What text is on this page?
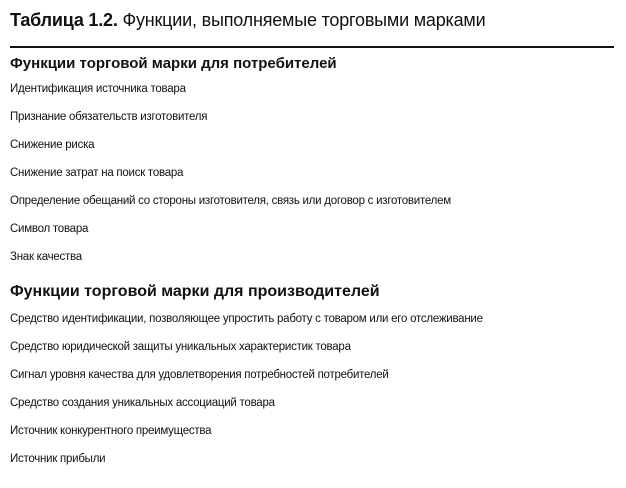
Таблица 1.2. Функции, выполняемые торговыми марками
Функции торговой марки для потребителей
Идентификация источника товара
Признание обязательств изготовителя
Снижение риска
Снижение затрат на поиск товара
Определение обещаний со стороны изготовителя, связь или договор с изготовителем
Символ товара
Знак качества
Функции торговой марки для производителей
Средство идентификации, позволяющее упростить работу с товаром или его отслеживание
Средство юридической защиты уникальных характеристик товара
Сигнал уровня качества для удовлетворения потребностей потребителей
Средство создания уникальных ассоциаций товара
Источник конкурентного преимущества
Источник прибыли
